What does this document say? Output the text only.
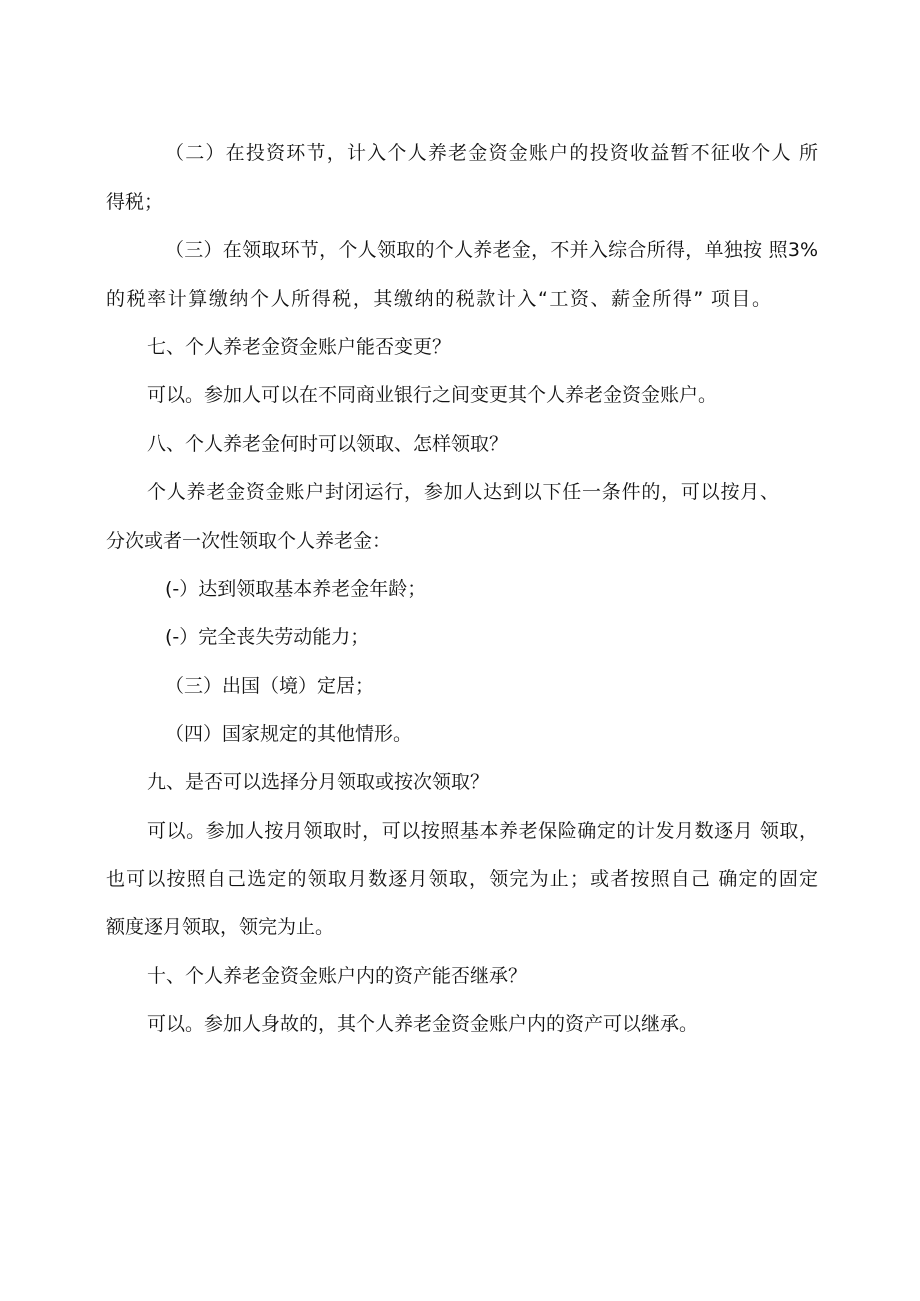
（二）在投资环节，计入个人养老金资金账户的投资收益暂不征收个人 所

得税；

（三）在领取环节，个人领取的个人养老金，不并入综合所得，单独按 照3%

的税率计算缴纳个人所得税，其缴纳的税款计入“工资、薪金所得” 项目。

七、个人养老金资金账户能否变更？

可以。参加人可以在不同商业银行之间变更其个人养老金资金账户。

八、个人养老金何时可以领取、怎样领取？

个人养老金资金账户封闭运行，参加人达到以下任一条件的，可以按月、

分次或者一次性领取个人养老金：

(-）达到领取基本养老金年龄；

(-）完全丧失劳动能力；

（三）出国（境）定居；

（四）国家规定的其他情形。

九、是否可以选择分月领取或按次领取？

可以。参加人按月领取时，可以按照基本养老保险确定的计发月数逐月 领取，

也可以按照自己选定的领取月数逐月领取，领完为止；或者按照自己 确定的固定

额度逐月领取，领完为止。

十、个人养老金资金账户内的资产能否继承？

可以。参加人身故的，其个人养老金资金账户内的资产可以继承。
